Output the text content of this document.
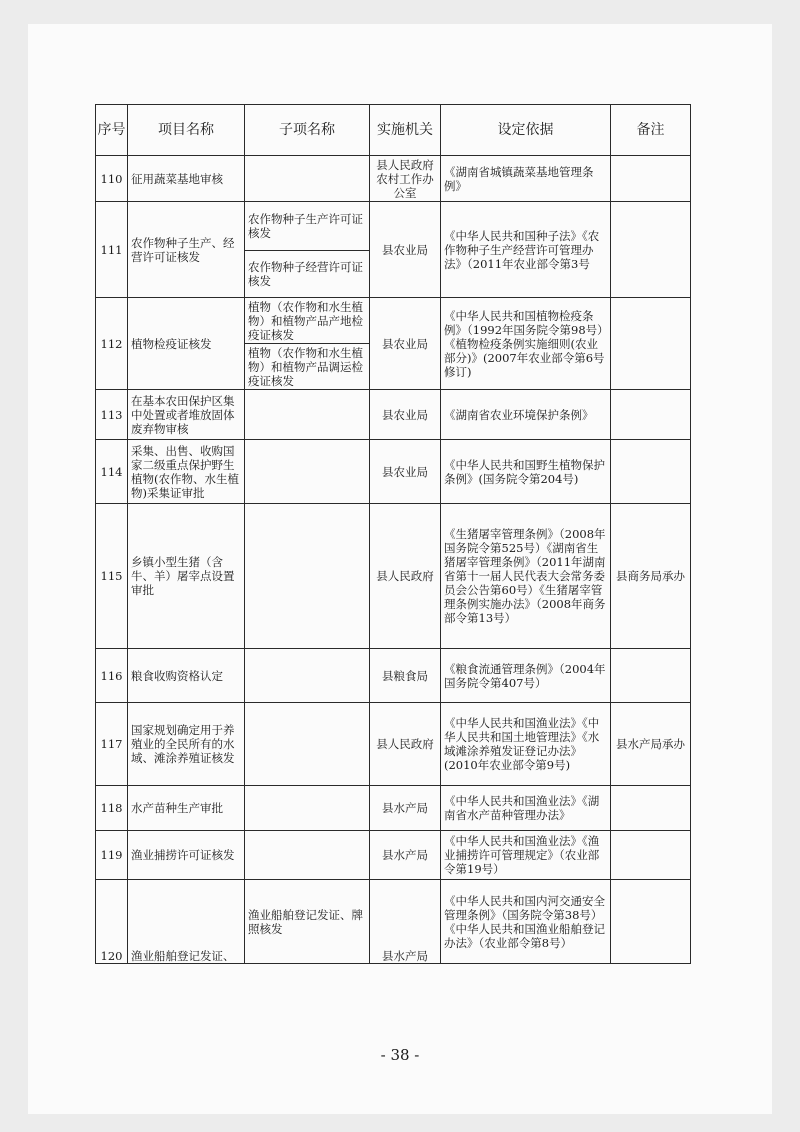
序号	项目名称	子项名称	实施机关	设定依据	备注
110	征用蔬菜基地审核		县人民政府农村工作办公室	《湖南省城镇蔬菜基地管理条例》	
111	农作物种子生产、经营许可证核发	农作物种子生产许可证核发	县农业局	《中华人民共和国种子法》《农作物种子生产经营许可管理办法》（2011年农业部令第3号	
		农作物种子经营许可证核发			
112	植物检疫证核发	植物（农作物和水生植物）和植物产品产地检疫证核发	县农业局	《中华人民共和国植物检疫条例》（1992年国务院令第98号）《植物检疫条例实施细则(农业部分)》(2007年农业部令第6号修订)	
		植物（农作物和水生植物）和植物产品调运检疫证核发			
113	在基本农田保护区集中处置或者堆放固体废弃物审核		县农业局	《湖南省农业环境保护条例》	
114	采集、出售、收购国家二级重点保护野生植物(农作物、水生植物)采集证审批		县农业局	《中华人民共和国野生植物保护条例》(国务院令第204号)	
115	乡镇小型生猪（含牛、羊）屠宰点设置审批		县人民政府	《生猪屠宰管理条例》（2008年国务院令第525号）《湖南省生猪屠宰管理条例》（2011年湖南省第十一届人民代表大会常务委员会公告第60号）《生猪屠宰管理条例实施办法》（2008年商务部令第13号）	县商务局承办
116	粮食收购资格认定		县粮食局	《粮食流通管理条例》（2004年国务院令第407号）	
117	国家规划确定用于养殖业的全民所有的水域、滩涂养殖证核发		县人民政府	《中华人民共和国渔业法》《中华人民共和国土地管理法》《水域滩涂养殖发证登记办法》(2010年农业部令第9号)	县水产局承办
118	水产苗种生产审批		县水产局	《中华人民共和国渔业法》《湖南省水产苗种管理办法》	
119	渔业捕捞许可证核发		县水产局	《中华人民共和国渔业法》《渔业捕捞许可管理规定》（农业部令第19号）	
120	渔业船舶登记发证、	渔业船舶登记发证、牌照核发	县水产局	《中华人民共和国内河交通安全管理条例》（国务院令第38号）《中华人民共和国渔业船舶登记办法》（农业部令第8号）	
- 38 -
